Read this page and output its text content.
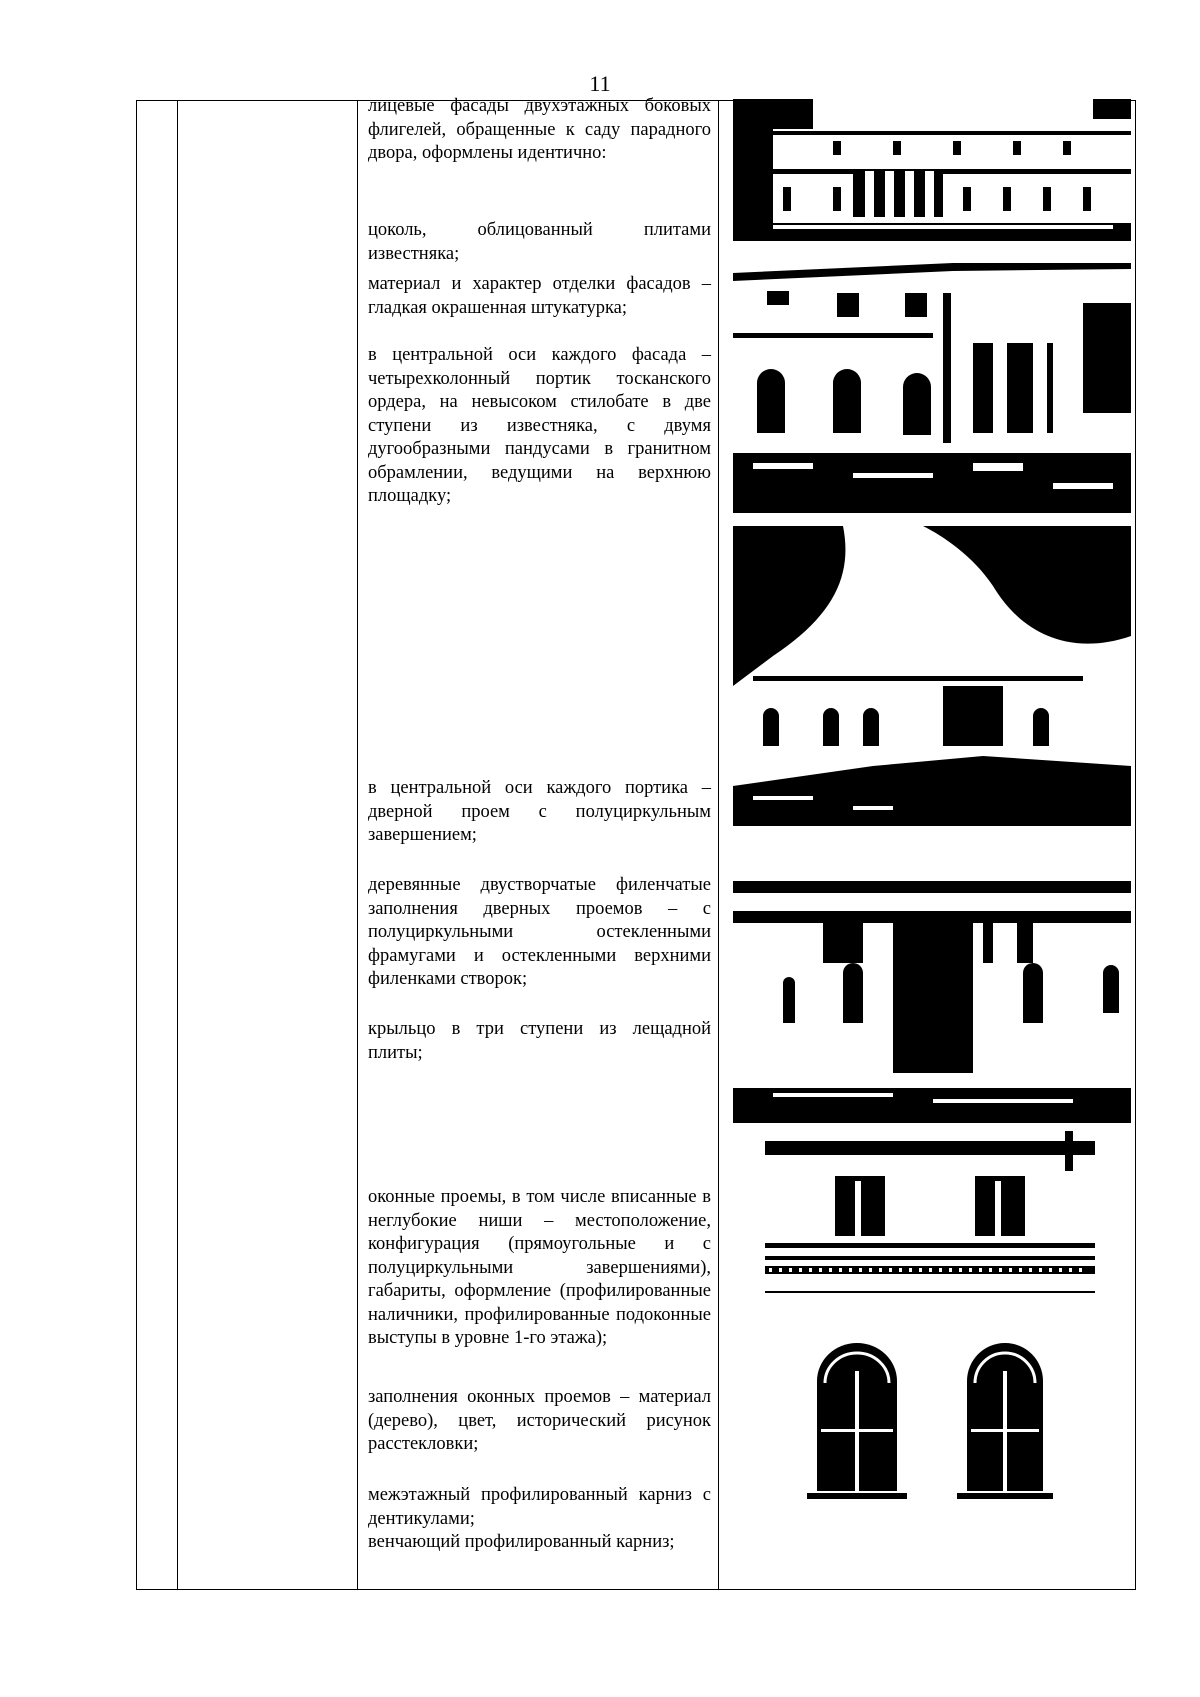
11
лицевые фасады двухэтажных боковых флигелей, обращенные к саду парадного двора, оформлены идентично:
цоколь, облицованный плитами известняка;
материал и характер отделки фасадов – гладкая окрашенная штукатурка;
в центральной оси каждого фасада – четырехколонный портик тосканского ордера, на невысоком стилобате в две ступени из известняка, с двумя дугообразными пандусами в гранитном обрамлении, ведущими на верхнюю площадку;
в центральной оси каждого портика – дверной проем с полуциркульным завершением;
деревянные двустворчатые филенчатые заполнения дверных проемов – с полуциркульными остекленными фрамугами и остекленными верхними филенками створок;
крыльцо в три ступени из лещадной плиты;
оконные проемы, в том числе вписанные в неглубокие ниши – местоположение, конфигурация (прямоугольные и с полуциркульными завершениями), габариты, оформление (профилированные наличники, профилированные подоконные выступы в уровне 1-го этажа);
заполнения оконных проемов – материал (дерево), цвет, исторический рисунок расстекловки;
межэтажный профилированный карниз с дентикулами;
венчающий профилированный карниз;
